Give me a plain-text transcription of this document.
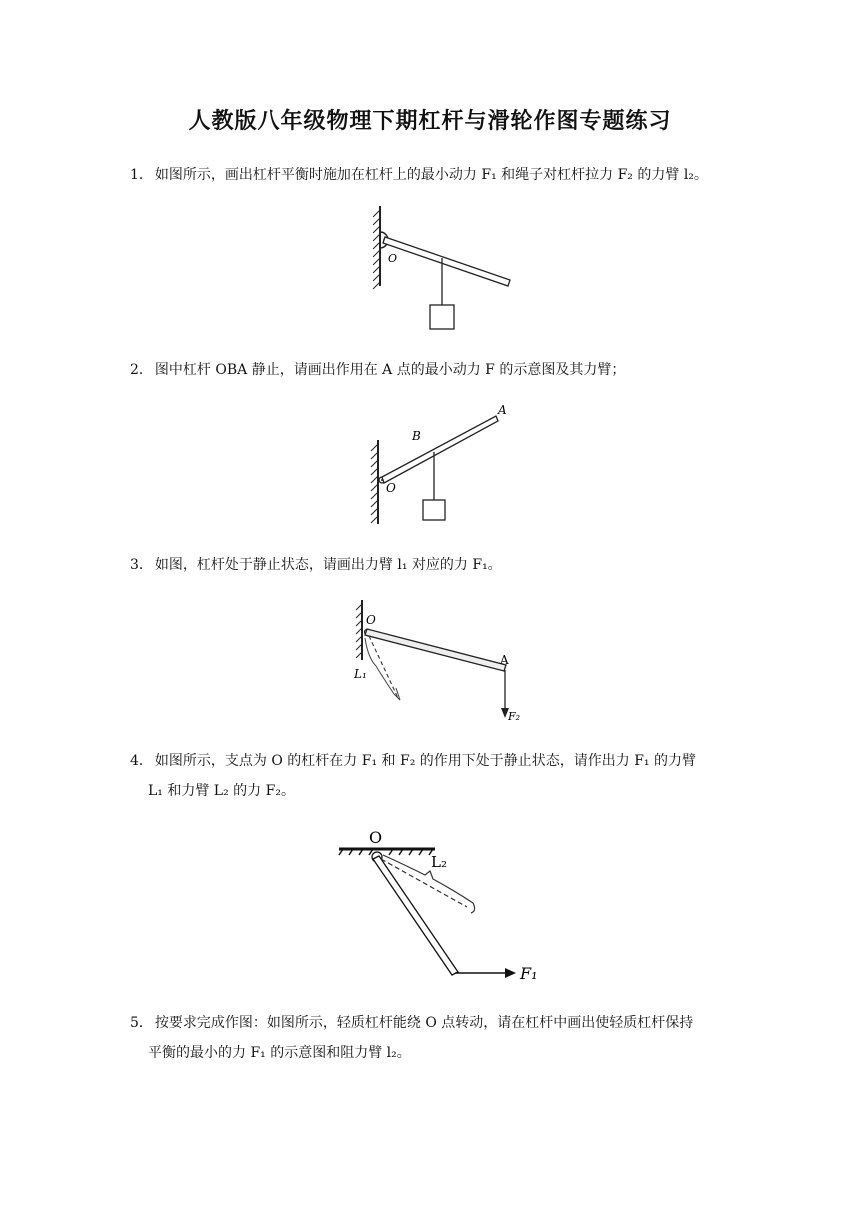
人教版八年级物理下期杠杆与滑轮作图专题练习
1． 如图所示，画出杠杆平衡时施加在杠杆上的最小动力 F₁ 和绳子对杠杆拉力 F₂ 的力臂 l₂。
O
2． 图中杠杆 OBA 静止，请画出作用在 A 点的最小动力 F 的示意图及其力臂；
O
B
A
3． 如图，杠杆处于静止状态，请画出力臂 l₁ 对应的力 F₁。
O
A
L₁
F₂
4． 如图所示，支点为 O 的杠杆在力 F₁ 和 F₂ 的作用下处于静止状态，请作出力 F₁ 的力臂
L₁ 和力臂 L₂ 的力 F₂。
O
L₂
F₁
5． 按要求完成作图：如图所示，轻质杠杆能绕 O 点转动，请在杠杆中画出使轻质杠杆保持
平衡的最小的力 F₁ 的示意图和阻力臂 l₂。
